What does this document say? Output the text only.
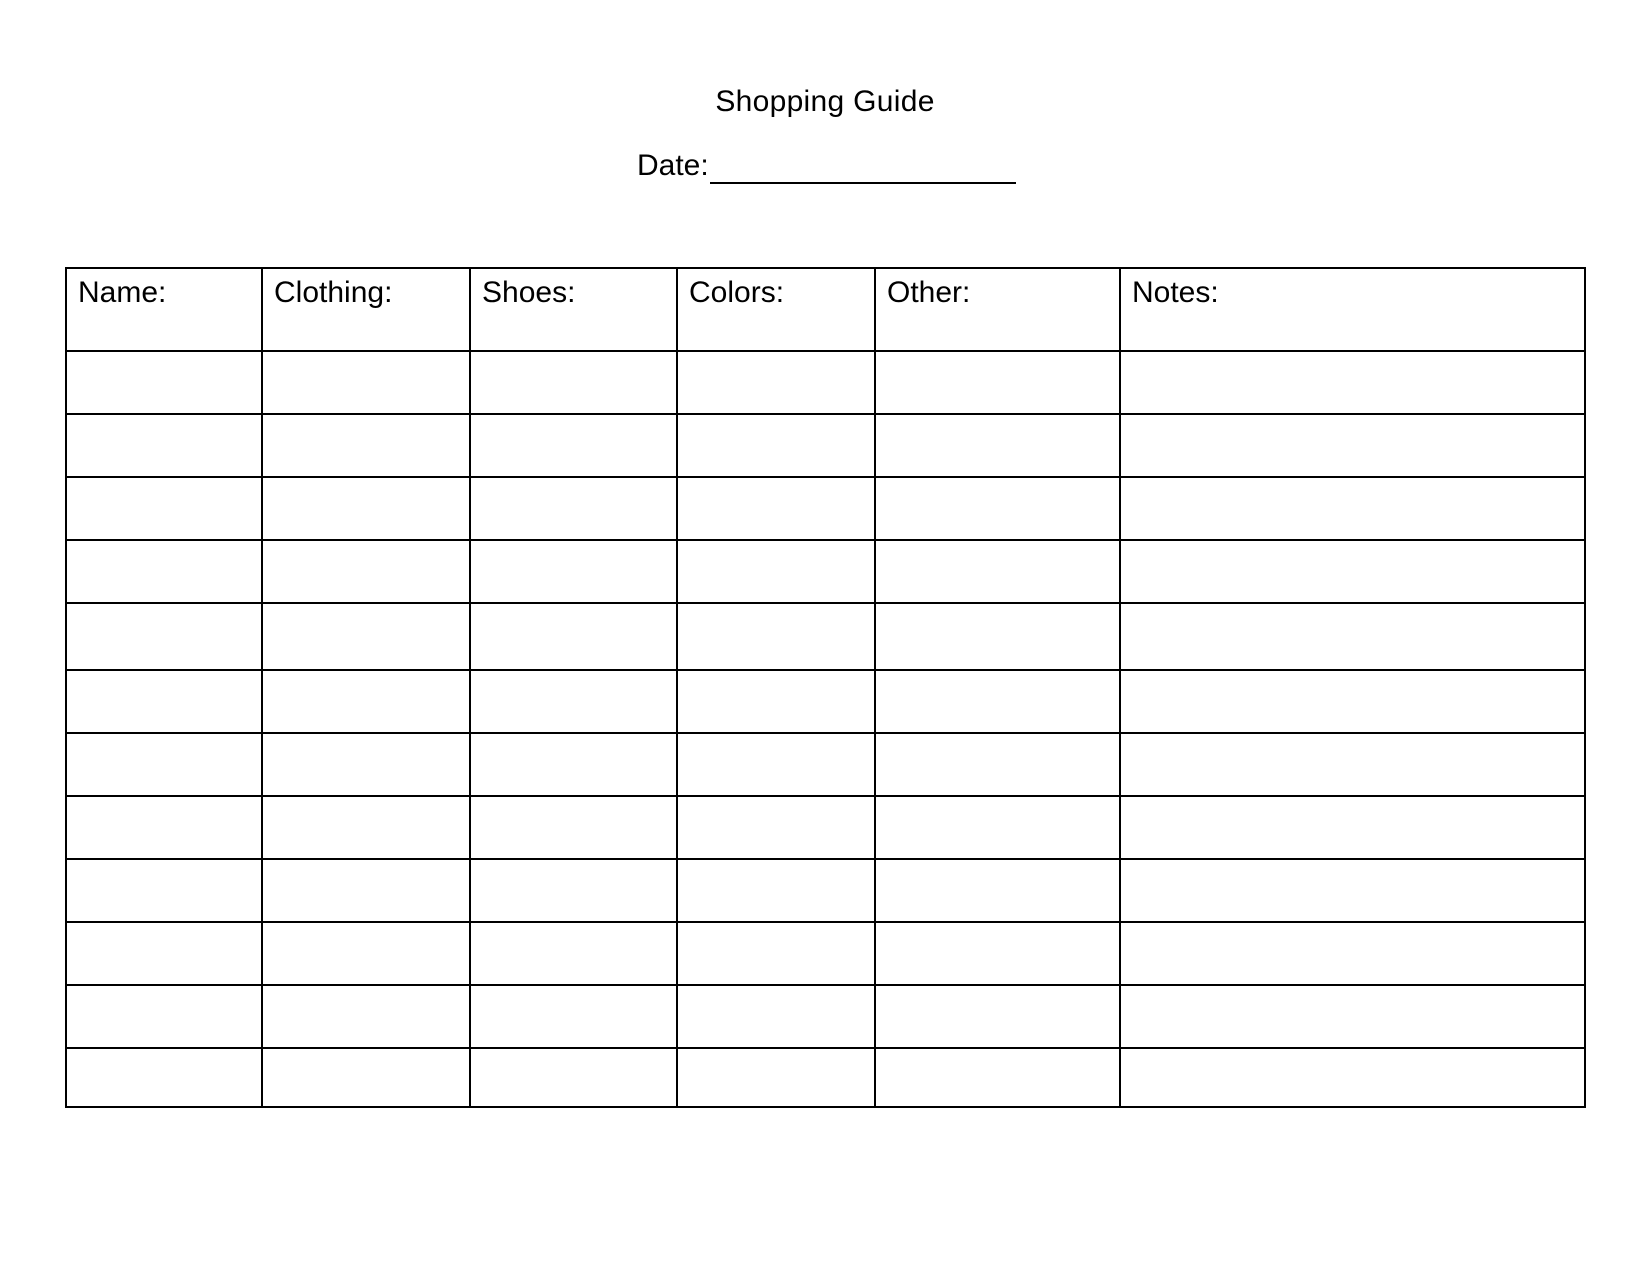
Shopping Guide
Date:
Name:	Clothing:	Shoes:	Colors:	Other:	Notes:
